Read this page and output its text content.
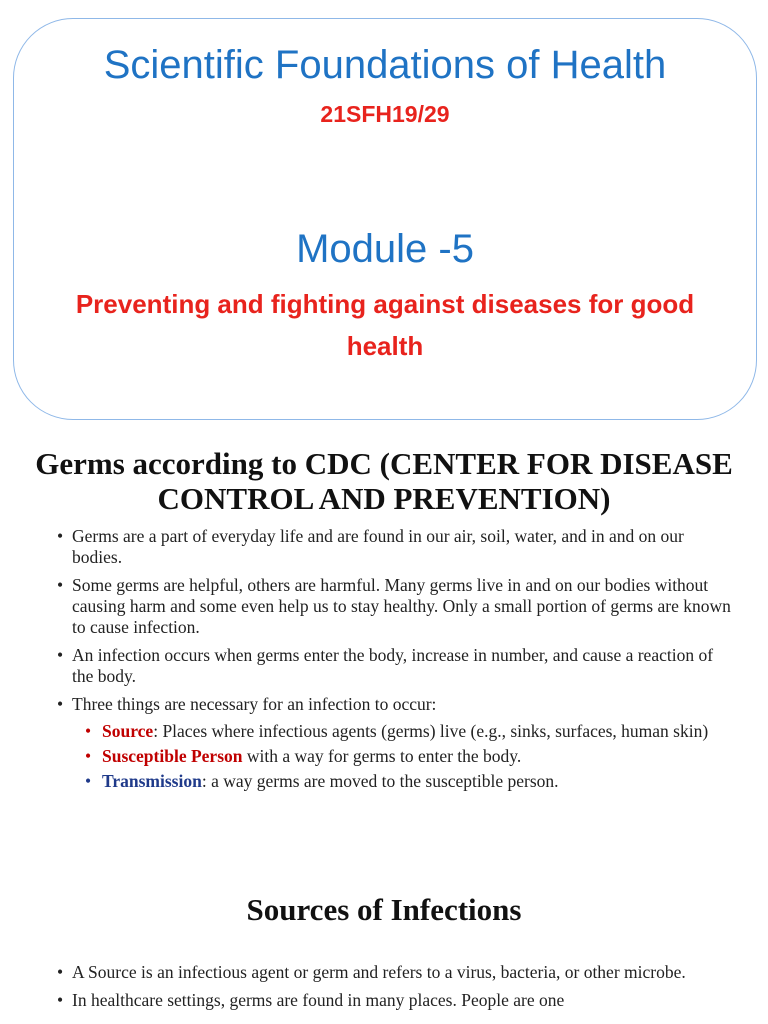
Scientific Foundations of Health
21SFH19/29
Module -5
Preventing and fighting against diseases for good health
Germs according to CDC (CENTER FOR DISEASE CONTROL AND PREVENTION)
• Germs are a part of everyday life and are found in our air, soil, water, and in and on our bodies.
• Some germs are helpful, others are harmful. Many germs live in and on our bodies without causing harm and some even help us to stay healthy. Only a small portion of germs are known to cause infection.
• An infection occurs when germs enter the body, increase in number, and cause a reaction of the body.
• Three things are necessary for an infection to occur:
• Source: Places where infectious agents (germs) live (e.g., sinks, surfaces, human skin)
• Susceptible Person with a way for germs to enter the body.
• Transmission: a way germs are moved to the susceptible person.
Sources of Infections
• A Source is an infectious agent or germ and refers to a virus, bacteria, or other microbe.
• In healthcare settings, germs are found in many places. People are one
